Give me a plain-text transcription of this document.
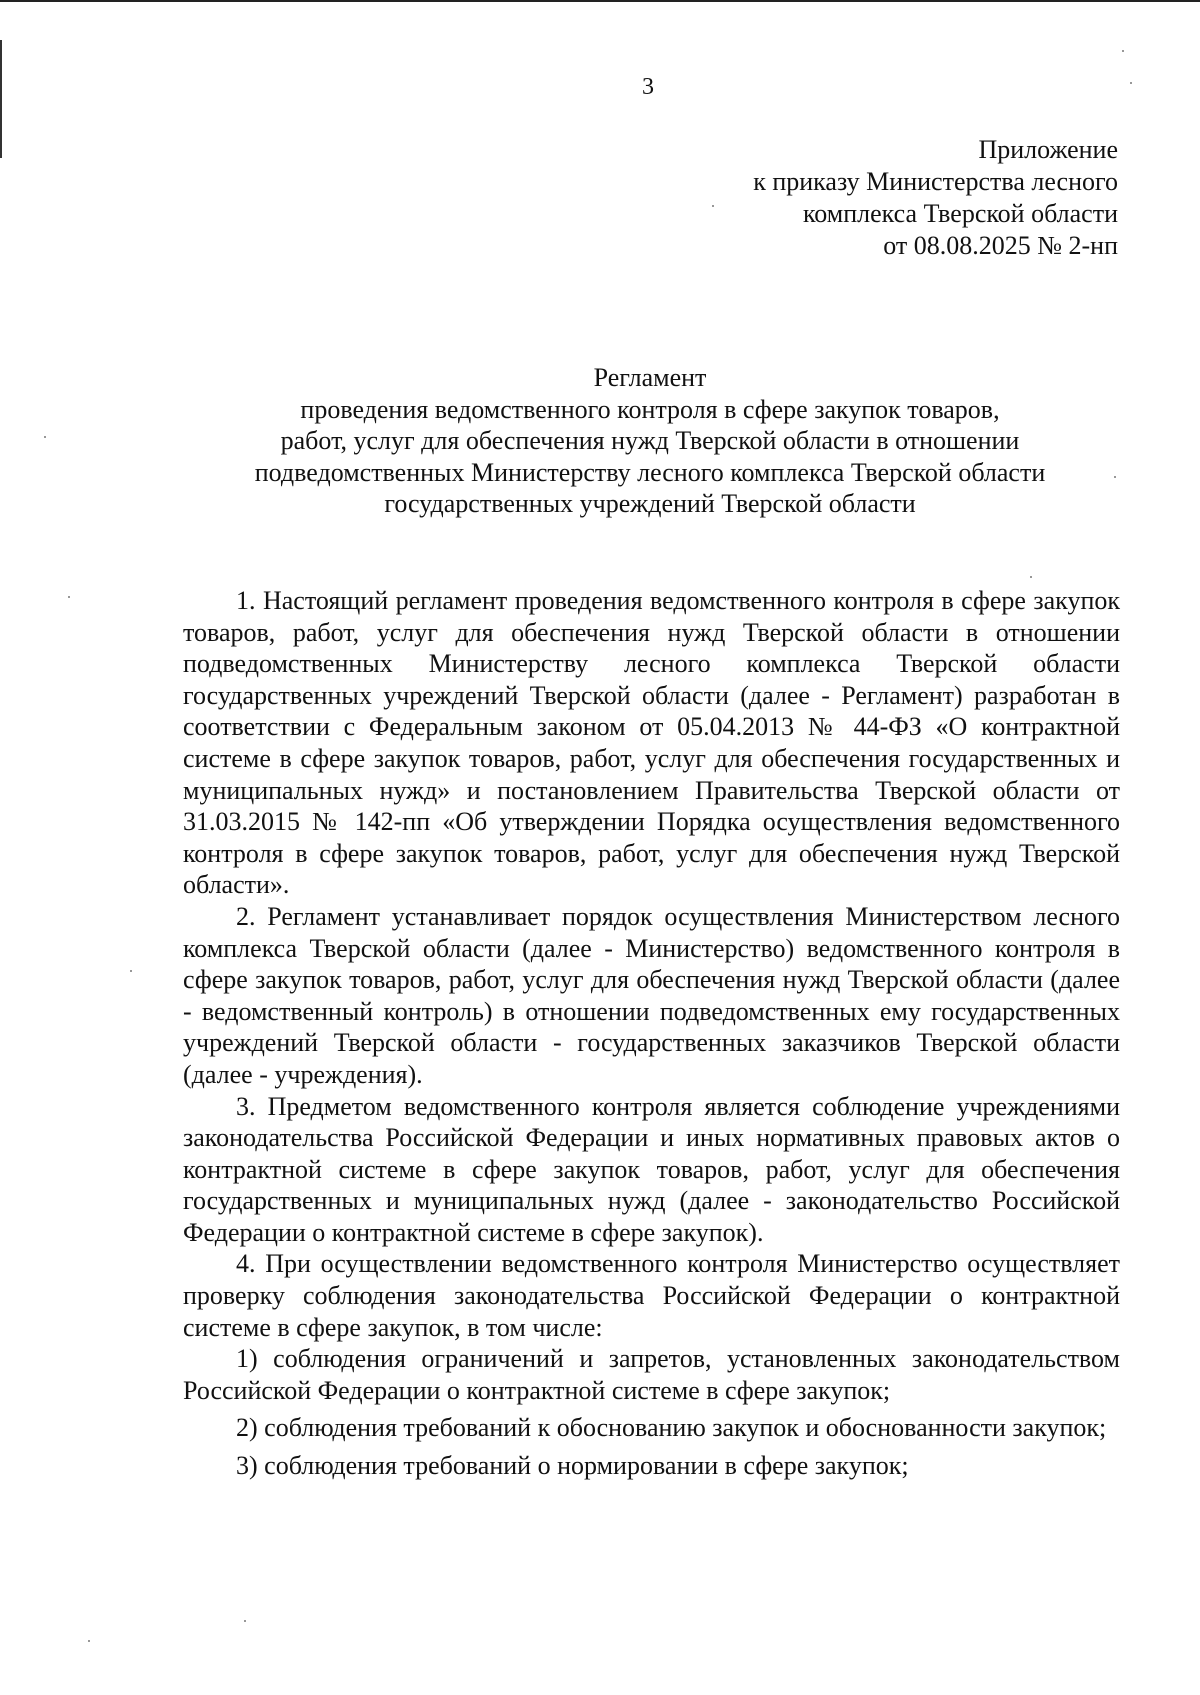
3
Приложение
к приказу Министерства лесного
комплекса Тверской области
от 08.08.2025 № 2-нп
Регламент
проведения ведомственного контроля в сфере закупок товаров,
работ, услуг для обеспечения нужд Тверской области в отношении
подведомственных Министерству лесного комплекса Тверской области
государственных учреждений Тверской области

1. Настоящий регламент проведения ведомственного контроля в сфере закупок товаров, работ, услуг для обеспечения нужд Тверской области в отношении подведомственных Министерству лесного комплекса Тверской области государственных учреждений Тверской области (далее - Регламент) разработан в соответствии с Федеральным законом от 05.04.2013 № 44-ФЗ «О контрактной системе в сфере закупок товаров, работ, услуг для обеспечения государственных и муниципальных нужд» и постановлением Правительства Тверской области от 31.03.2015 № 142-пп «Об утверждении Порядка осуществления ведомственного контроля в сфере закупок товаров, работ, услуг для обеспечения нужд Тверской области».

2. Регламент устанавливает порядок осуществления Министерством лесного комплекса Тверской области (далее - Министерство) ведомственного контроля в сфере закупок товаров, работ, услуг для обеспечения нужд Тверской области (далее - ведомственный контроль) в отношении подведомственных ему государственных учреждений Тверской области - государственных заказчиков Тверской области (далее - учреждения).

3. Предметом ведомственного контроля является соблюдение учреждениями законодательства Российской Федерации и иных нормативных правовых актов о контрактной системе в сфере закупок товаров, работ, услуг для обеспечения государственных и муниципальных нужд (далее - законодательство Российской Федерации о контрактной системе в сфере закупок).

4. При осуществлении ведомственного контроля Министерство осуществляет проверку соблюдения законодательства Российской Федерации о контрактной системе в сфере закупок, в том числе:

1) соблюдения ограничений и запретов, установленных законодательством Российской Федерации о контрактной системе в сфере закупок;

2) соблюдения требований к обоснованию закупок и обоснованности закупок;

3) соблюдения требований о нормировании в сфере закупок;
